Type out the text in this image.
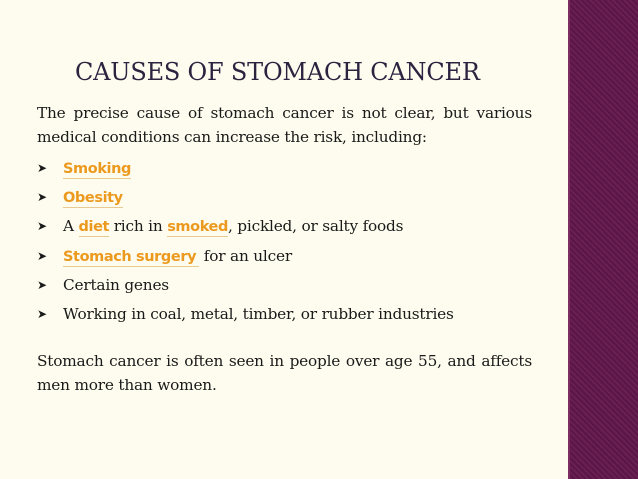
CAUSES OF STOMACH CANCER
The precise cause of stomach cancer is not clear, but various medical conditions can increase the risk, including:
➤ Smoking
➤ Obesity
➤ A diet rich in smoked, pickled, or salty foods
➤ Stomach surgery for an ulcer
➤ Certain genes
➤ Working in coal, metal, timber, or rubber industries
Stomach cancer is often seen in people over age 55, and affects men more than women.
